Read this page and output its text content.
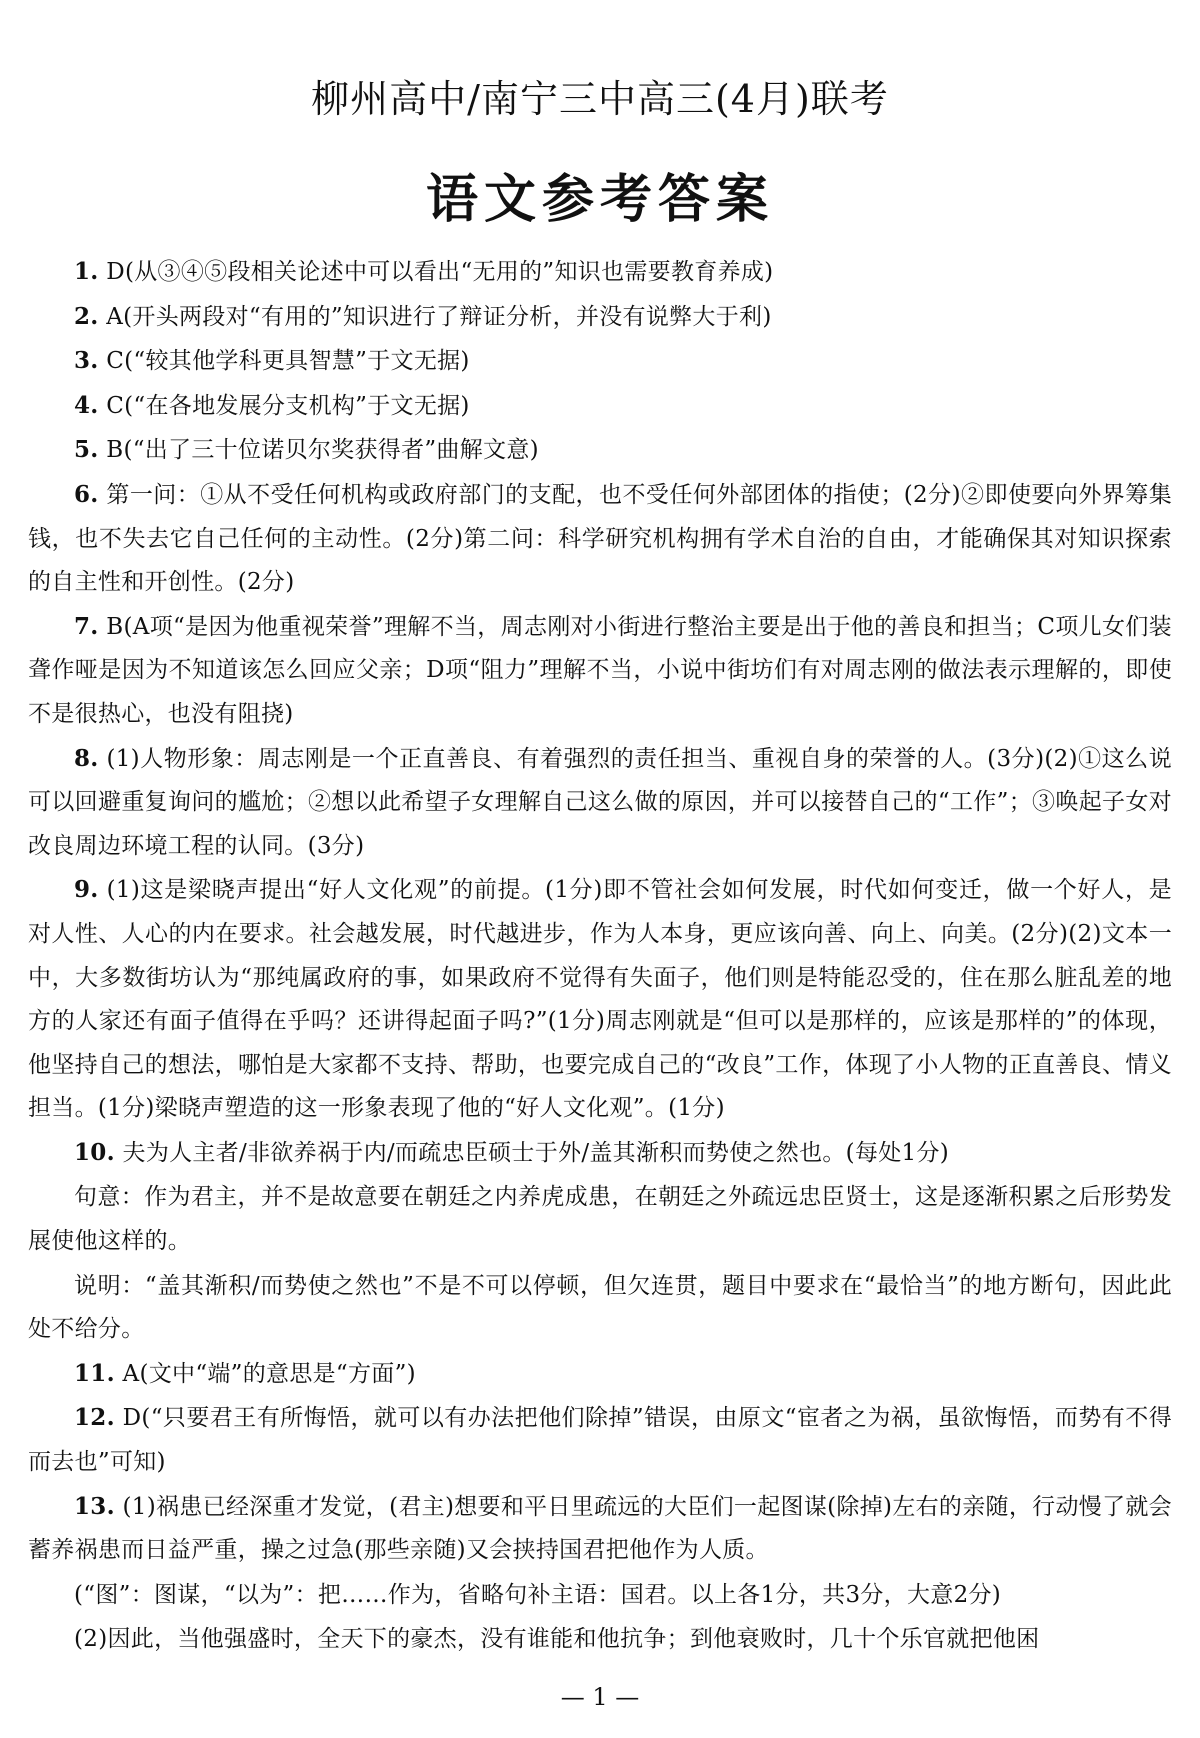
柳州高中/南宁三中高三(4月)联考
语文参考答案

1. D(从③④⑤段相关论述中可以看出“无用的”知识也需要教育养成)

2. A(开头两段对“有用的”知识进行了辩证分析，并没有说弊大于利)

3. C(“较其他学科更具智慧”于文无据)

4. C(“在各地发展分支机构”于文无据)

5. B(“出了三十位诺贝尔奖获得者”曲解文意)

6. 第一问：①从不受任何机构或政府部门的支配，也不受任何外部团体的指使；(2分)②即使要向外界筹集钱，也不失去它自己任何的主动性。(2分)第二问：科学研究机构拥有学术自治的自由，才能确保其对知识探索的自主性和开创性。(2分)

7. B(A项“是因为他重视荣誉”理解不当，周志刚对小街进行整治主要是出于他的善良和担当；C项儿女们装聋作哑是因为不知道该怎么回应父亲；D项“阻力”理解不当，小说中街坊们有对周志刚的做法表示理解的，即使不是很热心，也没有阻挠)

8. (1)人物形象：周志刚是一个正直善良、有着强烈的责任担当、重视自身的荣誉的人。(3分)(2)①这么说可以回避重复询问的尴尬；②想以此希望子女理解自己这么做的原因，并可以接替自己的“工作”；③唤起子女对改良周边环境工程的认同。(3分)

9. (1)这是梁晓声提出“好人文化观”的前提。(1分)即不管社会如何发展，时代如何变迁，做一个好人，是对人性、人心的内在要求。社会越发展，时代越进步，作为人本身，更应该向善、向上、向美。(2分)(2)文本一中，大多数街坊认为“那纯属政府的事，如果政府不觉得有失面子，他们则是特能忍受的，住在那么脏乱差的地方的人家还有面子值得在乎吗？还讲得起面子吗?”(1分)周志刚就是“但可以是那样的，应该是那样的”的体现，他坚持自己的想法，哪怕是大家都不支持、帮助，也要完成自己的“改良”工作，体现了小人物的正直善良、情义担当。(1分)梁晓声塑造的这一形象表现了他的“好人文化观”。(1分)

10. 夫为人主者/非欲养祸于内/而疏忠臣硕士于外/盖其渐积而势使之然也。(每处1分)

句意：作为君主，并不是故意要在朝廷之内养虎成患，在朝廷之外疏远忠臣贤士，这是逐渐积累之后形势发展使他这样的。

说明：“盖其渐积/而势使之然也”不是不可以停顿，但欠连贯，题目中要求在“最恰当”的地方断句，因此此处不给分。

11. A(文中“端”的意思是“方面”)

12. D(“只要君王有所悔悟，就可以有办法把他们除掉”错误，由原文“宦者之为祸，虽欲悔悟，而势有不得而去也”可知)

13. (1)祸患已经深重才发觉，(君主)想要和平日里疏远的大臣们一起图谋(除掉)左右的亲随，行动慢了就会蓄养祸患而日益严重，操之过急(那些亲随)又会挟持国君把他作为人质。

(“图”：图谋，“以为”：把……作为，省略句补主语：国君。以上各1分，共3分，大意2分)

(2)因此，当他强盛时，全天下的豪杰，没有谁能和他抗争；到他衰败时，几十个乐官就把他困

— 1 —
